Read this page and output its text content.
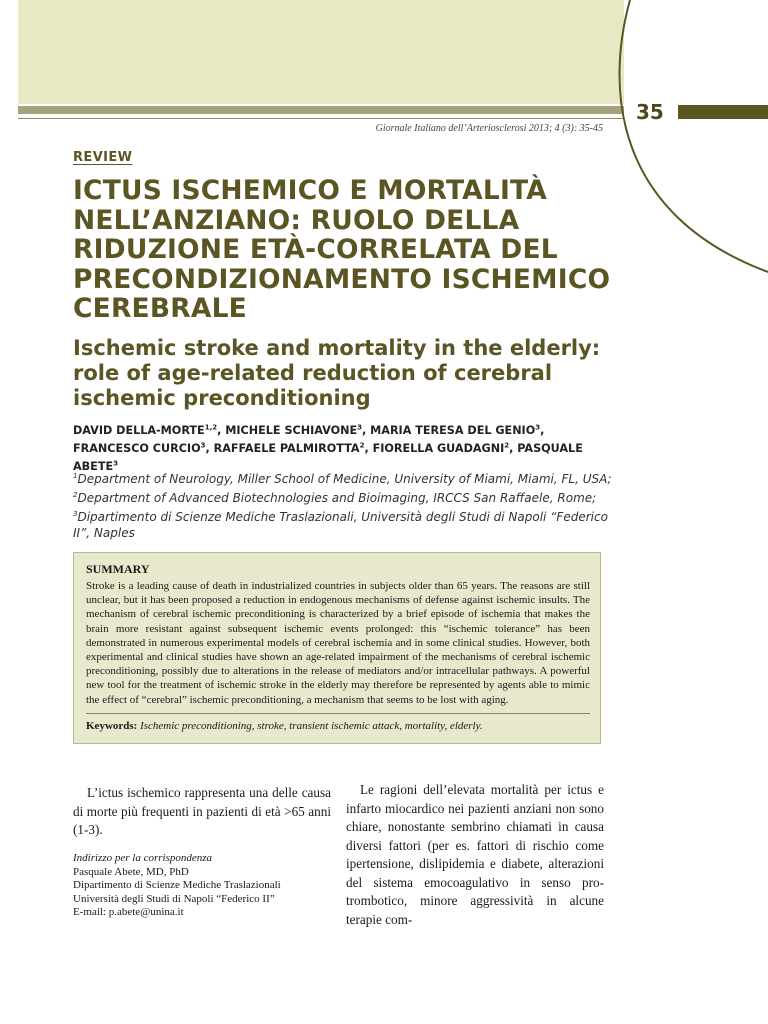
35
Giornale Italiano dell’Arteriosclerosi 2013; 4 (3): 35-45
REVIEW
ICTUS ISCHEMICO E MORTALITÀ NELL’ANZIANO: RUOLO DELLA RIDUZIONE ETÀ-CORRELATA DEL PRECONDIZIONAMENTO ISCHEMICO CEREBRALE
Ischemic stroke and mortality in the elderly: role of age-related reduction of cerebral ischemic preconditioning

DAVID DELLA-MORTE$^{1,2}$, MICHELE SCHIAVONE$^3$, MARIA TERESA DEL GENIO$^3$, FRANCESCO CURCIO$^3$, RAFFAELE PALMIROTTA$^2$, FIORELLA GUADAGNI$^2$, PASQUALE ABETE$^3$

$^1$Department of Neurology, Miller School of Medicine, University of Miami, Miami, FL, USA;
$^2$Department of Advanced Biotechnologies and Bioimaging, IRCCS San Raffaele, Rome;
$^3$Dipartimento di Scienze Mediche Traslazionali, Università degli Studi di Napoli “Federico II”, Naples

SUMMARY

Stroke is a leading cause of death in industrialized countries in subjects older than 65 years. The reasons are still unclear, but it has been proposed a reduction in endogenous mechanisms of defense against ischemic insults. The mechanism of cerebral ischemic preconditioning is characterized by a brief episode of ischemia that makes the brain more resistant against subsequent ischemic events prolonged: this “ischemic tolerance” has been demonstrated in numerous experimental models of cerebral ischemia and in some clinical studies. However, both experimental and clinical studies have shown an age-related impairment of the mechanisms of cerebral ischemic preconditioning, possibly due to alterations in the release of mediators and/or intracellular pathways. A powerful new tool for the treatment of ischemic stroke in the elderly may therefore be represented by agents able to mimic the effect of “cerebral” ischemic preconditioning, a mechanism that seems to be lost with aging.

Keywords: Ischemic preconditioning, stroke, transient ischemic attack, mortality, elderly.

L’ictus ischemico rappresenta una delle causa di morte più frequenti in pazienti di età >65 anni (1-3).
Le ragioni dell’elevata mortalità per ictus e infarto miocardico nei pazienti anziani non sono chiare, nonostante sembrino chiamati in causa diversi fattori (per es. fattori di rischio come ipertensione, dislipidemia e diabete, alterazioni del sistema emocoagulativo in senso pro-trombotico, minore aggressività in alcune terapie com-
Indirizzo per la corrispondenza
Pasquale Abete, MD, PhD
Dipartimento di Scienze Mediche Traslazionali
Università degli Studi di Napoli “Federico II”
E-mail: p.abete@unina.it
